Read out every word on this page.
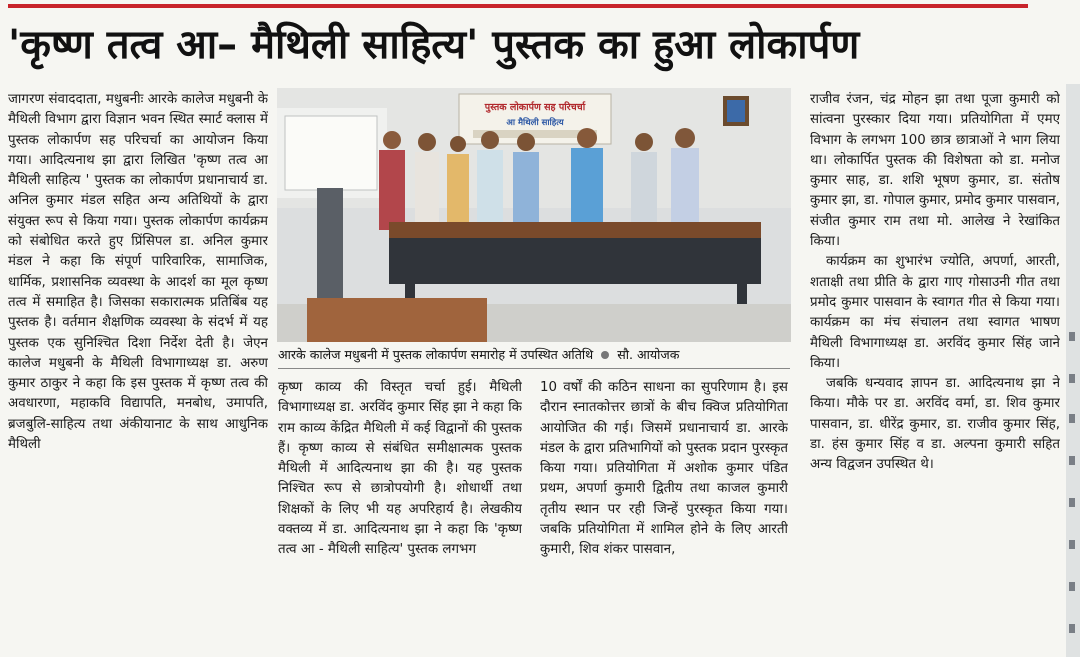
'कृष्ण तत्व आ– मैथिली साहित्य' पुस्तक का हुआ लोकार्पण

जागरण संवाददाता, मधुबनीः आरके कालेज मधुबनी के मैथिली विभाग द्वारा विज्ञान भवन स्थित स्मार्ट क्लास में पुस्तक लोकार्पण सह परिचर्चा का आयोजन किया गया। आदित्यनाथ झा द्वारा लिखित 'कृष्ण तत्व आ मैथिली साहित्य ' पुस्तक का लोकार्पण प्रधानाचार्य डा. अनिल कुमार मंडल सहित अन्य अतिथियों के द्वारा संयुक्त रूप से किया गया। पुस्तक लोकार्पण कार्यक्रम को संबोधित करते हुए प्रिंसिपल डा. अनिल कुमार मंडल ने कहा कि संपूर्ण पारिवारिक, सामाजिक, धार्मिक, प्रशासनिक व्यवस्था के आदर्श का मूल कृष्ण तत्व में समाहित है। जिसका सकारात्मक प्रतिबिंब यह पुस्तक है। वर्तमान शैक्षणिक व्यवस्था के संदर्भ में यह पुस्तक एक सुनिश्चित दिशा निर्देश देती है। जेएन कालेज मधुबनी के मैथिली विभागाध्यक्ष डा. अरुण कुमार ठाकुर ने कहा कि इस पुस्तक में कृष्ण तत्व की अवधारणा, महाकवि विद्यापति, मनबोध, उमापति, ब्रजबुलि-साहित्य तथा अंकीयानाट के साथ आधुनिक मैथिली

पुस्तक लोकार्पण सह परिचर्चा
आ मैथिली साहित्य
आरके कालेज मधुबनी में पुस्तक लोकार्पण समारोह में उपस्थित अतिथि सौ. आयोजक

कृष्ण काव्य की विस्तृत चर्चा हुई। मैथिली विभागाध्यक्ष डा. अरविंद कुमार सिंह झा ने कहा कि राम काव्य केंद्रित मैथिली में कई विद्वानों की पुस्तक हैं। कृष्ण काव्य से संबंधित समीक्षात्मक पुस्तक मैथिली में आदित्यनाथ झा की है। यह पुस्तक निश्चित रूप से छात्रोपयोगी है। शोधार्थी तथा शिक्षकों के लिए भी यह अपरिहार्य है। लेखकीय वक्तव्य में डा. आदित्यनाथ झा ने कहा कि 'कृष्ण तत्व आ - मैथिली साहित्य' पुस्तक लगभग

10 वर्षों की कठिन साधना का सुपरिणाम है। इस दौरान स्नातकोत्तर छात्रों के बीच क्विज प्रतियोगिता आयोजित की गई। जिसमें प्रधानाचार्य डा. आरके मंडल के द्वारा प्रतिभागियों को पुस्तक प्रदान पुरस्कृत किया गया। प्रतियोगिता में अशोक कुमार पंडित प्रथम, अपर्णा कुमारी द्वितीय तथा काजल कुमारी तृतीय स्थान पर रही जिन्हें पुरस्कृत किया गया। जबकि प्रतियोगिता में शामिल होने के लिए आरती कुमारी, शिव शंकर पासवान,

राजीव रंजन, चंद्र मोहन झा तथा पूजा कुमारी को सांत्वना पुरस्कार दिया गया। प्रतियोगिता में एमए विभाग के लगभग 100 छात्र छात्राओं ने भाग लिया था। लोकार्पित पुस्तक की विशेषता को डा. मनोज कुमार साह, डा. शशि भूषण कुमार, डा. संतोष कुमार झा, डा. गोपाल कुमार, प्रमोद कुमार पासवान, संजीत कुमार राम तथा मो. आलेख ने रेखांकित किया।

कार्यक्रम का शुभारंभ ज्योति, अपर्णा, आरती, शताक्षी तथा प्रीति के द्वारा गाए गोसाउनी गीत तथा प्रमोद कुमार पासवान के स्वागत गीत से किया गया। कार्यक्रम का मंच संचालन तथा स्वागत भाषण मैथिली विभागाध्यक्ष डा. अरविंद कुमार सिंह जाने किया।

जबकि धन्यवाद ज्ञापन डा. आदित्यनाथ झा ने किया। मौके पर डा. अरविंद वर्मा, डा. शिव कुमार पासवान, डा. धीरेंद्र कुमार, डा. राजीव कुमार सिंह, डा. हंस कुमार सिंह व डा. अल्पना कुमारी सहित अन्य विद्वजन उपस्थित थे।
